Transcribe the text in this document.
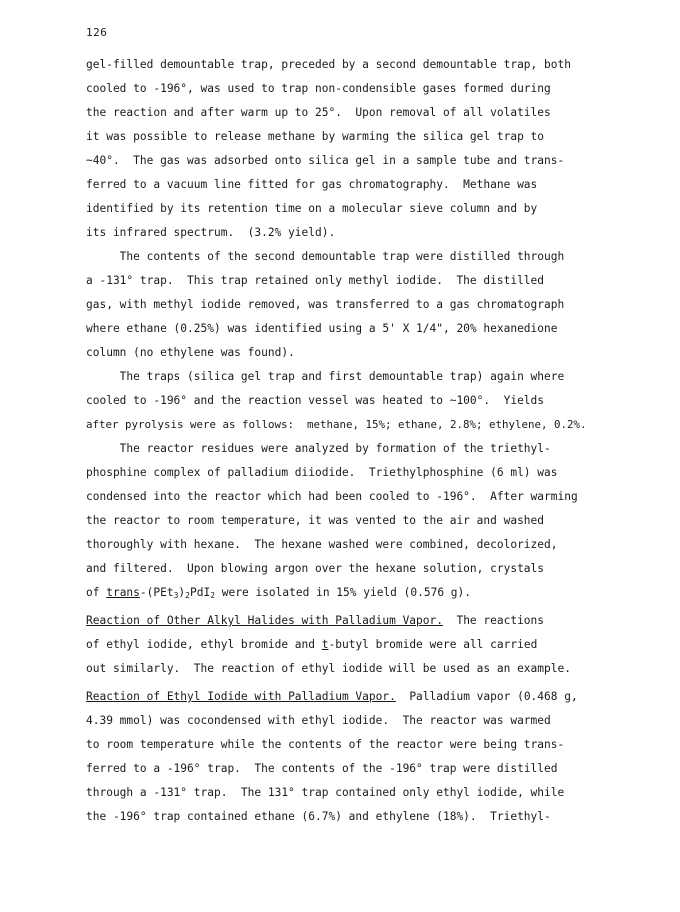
126
gel-filled demountable trap, preceded by a second demountable trap, both
cooled to -196°, was used to trap non-condensible gases formed during
the reaction and after warm up to 25°.  Upon removal of all volatiles
it was possible to release methane by warming the silica gel trap to
~40°.  The gas was adsorbed onto silica gel in a sample tube and trans-
ferred to a vacuum line fitted for gas chromatography.  Methane was
identified by its retention time on a molecular sieve column and by
its infrared spectrum.  (3.2% yield).
The contents of the second demountable trap were distilled through
a -131° trap.  This trap retained only methyl iodide.  The distilled
gas, with methyl iodide removed, was transferred to a gas chromatograph
where ethane (0.25%) was identified using a 5' X 1/4", 20% hexanedione
column (no ethylene was found).
The traps (silica gel trap and first demountable trap) again where
cooled to -196° and the reaction vessel was heated to ~100°.  Yields
after pyrolysis were as follows:  methane, 15%; ethane, 2.8%; ethylene, 0.2%.
The reactor residues were analyzed by formation of the triethyl-
phosphine complex of palladium diiodide.  Triethylphosphine (6 ml) was
condensed into the reactor which had been cooled to -196°.  After warming
the reactor to room temperature, it was vented to the air and washed
thoroughly with hexane.  The hexane washed were combined, decolorized,
and filtered.  Upon blowing argon over the hexane solution, crystals
of trans-$(PEt_3)_2PdI_2$ were isolated in 15% yield (0.576 g).
Reaction of Other Alkyl Halides with Palladium Vapor.  The reactions
of ethyl iodide, ethyl bromide and t-butyl bromide were all carried
out similarly.  The reaction of ethyl iodide will be used as an example.
Reaction of Ethyl Iodide with Palladium Vapor.  Palladium vapor (0.468 g,
4.39 mmol) was cocondensed with ethyl iodide.  The reactor was warmed
to room temperature while the contents of the reactor were being trans-
ferred to a -196° trap.  The contents of the -196° trap were distilled
through a -131° trap.  The 131° trap contained only ethyl iodide, while
the -196° trap contained ethane (6.7%) and ethylene (18%).  Triethyl-
